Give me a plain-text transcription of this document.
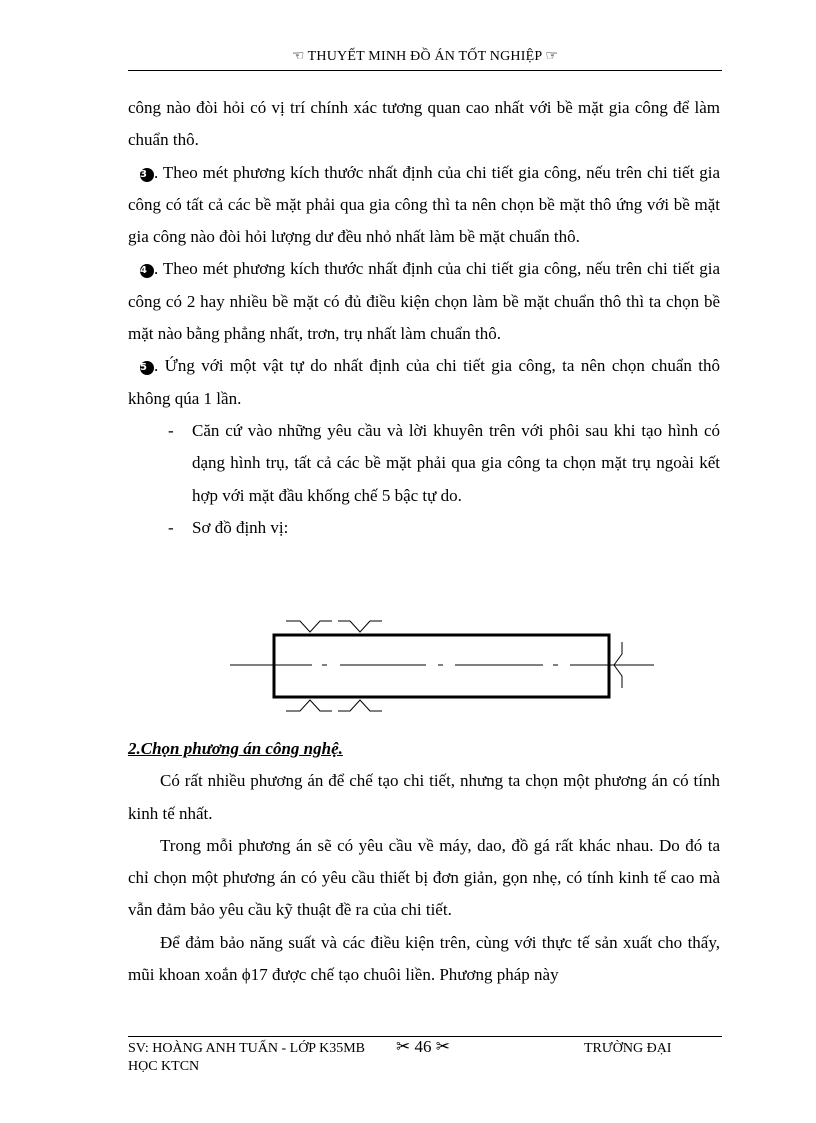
☜ THUYẾT MINH ĐỒ ÁN TỐT NGHIỆP ☞

công nào đòi hỏi có vị trí chính xác tương quan cao nhất với bề mặt gia công để làm chuẩn thô.

3 . Theo mét phương kích thước nhất định của chi tiết gia công, nếu trên chi tiết gia công có tất cả các bề mặt phải qua gia công thì ta nên chọn bề mặt thô ứng với bề mặt gia công nào đòi hỏi lượng dư đều nhỏ nhất làm bề mặt chuẩn thô.

4 . Theo mét phương kích thước nhất định của chi tiết gia công, nếu trên chi tiết gia công có 2 hay nhiều bề mặt có đủ điều kiện chọn làm bề mặt chuẩn thô thì ta chọn bề mặt nào bằng phẳng nhất, trơn, trụ nhất làm chuẩn thô.

5 . Ứng với một vật tự do nhất định của chi tiết gia công, ta nên chọn chuẩn thô không qúa 1 lần.

- Căn cứ vào những yêu cầu và lời khuyên trên với phôi sau khi tạo hình có dạng hình trụ, tất cả các bề mặt phải qua gia công ta chọn mặt trụ ngoài kết hợp với mặt đầu khống chế 5 bậc tự do.

- Sơ đồ định vị:

2.Chọn phương án công nghệ.

Có rất nhiều phương án để chế tạo chi tiết, nhưng ta chọn một phương án có tính kinh tế nhất.

Trong mỗi phương án sẽ có yêu cầu về máy, dao, đồ gá rất khác nhau. Do đó ta chỉ chọn một phương án có yêu cầu thiết bị đơn giản, gọn nhẹ, có tính kinh tế cao mà vẫn đảm bảo yêu cầu kỹ thuật đề ra của chi tiết.

Để đảm bảo năng suất và các điều kiện trên, cùng với thực tế sản xuất cho thấy, mũi khoan xoắn ϕ17 được chế tạo chuôi liền. Phương pháp này

SV: HOÀNG ANH TUẤN - LỚP K35MB ✂ 46 ✂	TRƯỜNG ĐẠI
HỌC KTCN
